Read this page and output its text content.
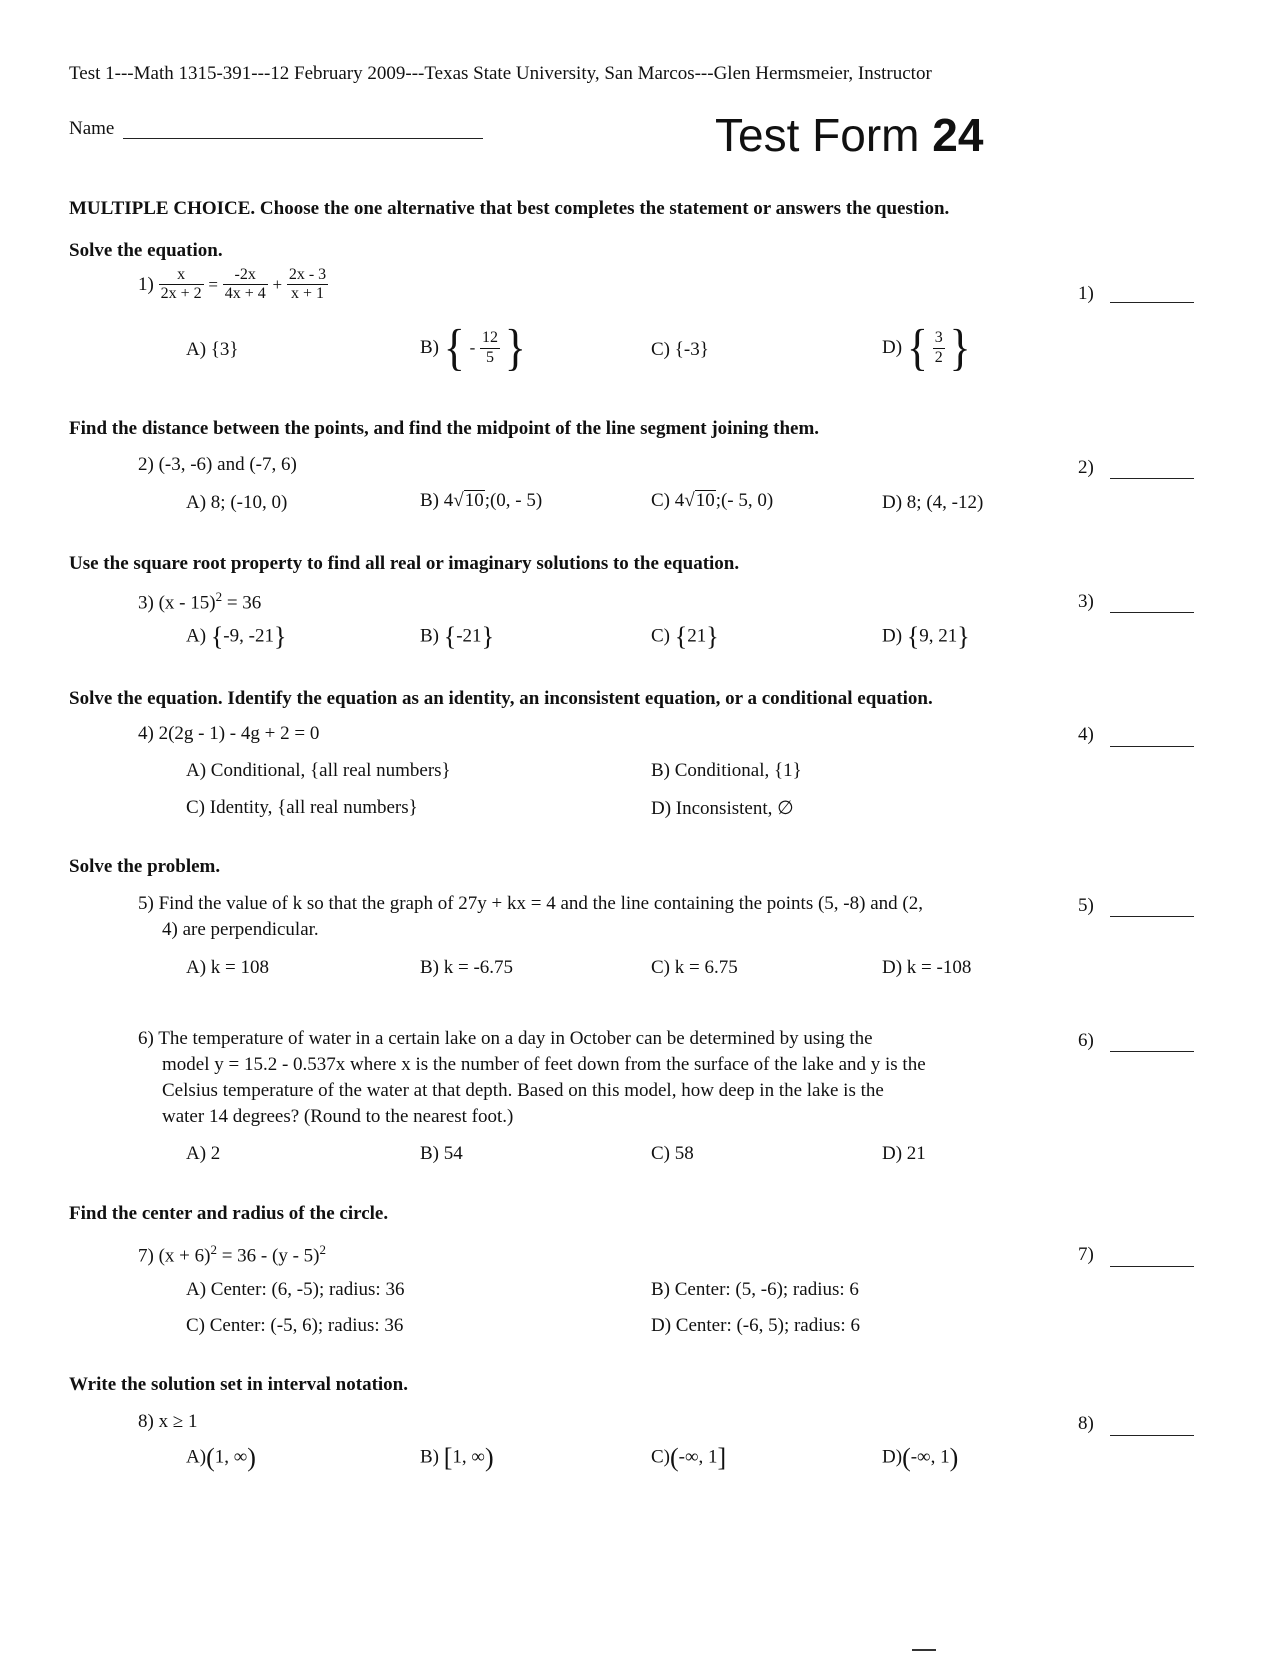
Test 1---Math 1315-391---12 February 2009---Texas State University, San Marcos---Glen Hermsmeier, Instructor
Name	Test Form 24
MULTIPLE CHOICE. Choose the one alternative that best completes the statement or answers the question.
Solve the equation.
$1) \frac{x}{2x + 2} = \frac{-2x}{4x + 4} + \frac{2x - 3}{x + 1}$	1)
A) {3}	B) { - $\frac{12}{5}$ }	C) {-3}	D) { $\frac{3}{2}$ }
Find the distance between the points, and find the midpoint of the line segment joining them.
2) (-3, -6) and (-7, 6)	2)
A) 8; (-10, 0)	B) 4√10;(0, - 5)	C) 4√10;(- 5, 0)	D) 8; (4, -12)
Use the square root property to find all real or imaginary solutions to the equation.
3) (x - 15)$^2$ = 36	3)
A) {-9, -21}	B) {-21}	C) {21}	D) {9, 21}
Solve the equation. Identify the equation as an identity, an inconsistent equation, or a conditional equation.
4) 2(2g - 1) - 4g + 2 = 0	4)
A) Conditional, {all real numbers}	B) Conditional, {1}
C) Identity, {all real numbers}	D) Inconsistent, ∅
Solve the problem.
5) Find the value of k so that the graph of 27y + kx = 4 and the line containing the points (5, -8) and (2,
4) are perpendicular.
5)
A) k = 108	B) k = -6.75	C) k = 6.75	D) k = -108
6) The temperature of water in a certain lake on a day in October can be determined by using the
model y = 15.2 - 0.537x where x is the number of feet down from the surface of the lake and y is the
Celsius temperature of the water at that depth. Based on this model, how deep in the lake is the
water 14 degrees? (Round to the nearest foot.)
6)
A) 2	B) 54	C) 58	D) 21
Find the center and radius of the circle.
7) $(x + 6)^2 = 36 - (y - 5)^2$	7)
A) Center: (6, -5); radius: 36	B) Center: (5, -6); radius: 6
C) Center: (-5, 6); radius: 36	D) Center: (-6, 5); radius: 6
Write the solution set in interval notation.
8) x ≥ 1	8)
A)(1, ∞)	B) [1, ∞)	C)(-∞, 1]	D)(-∞, 1)
